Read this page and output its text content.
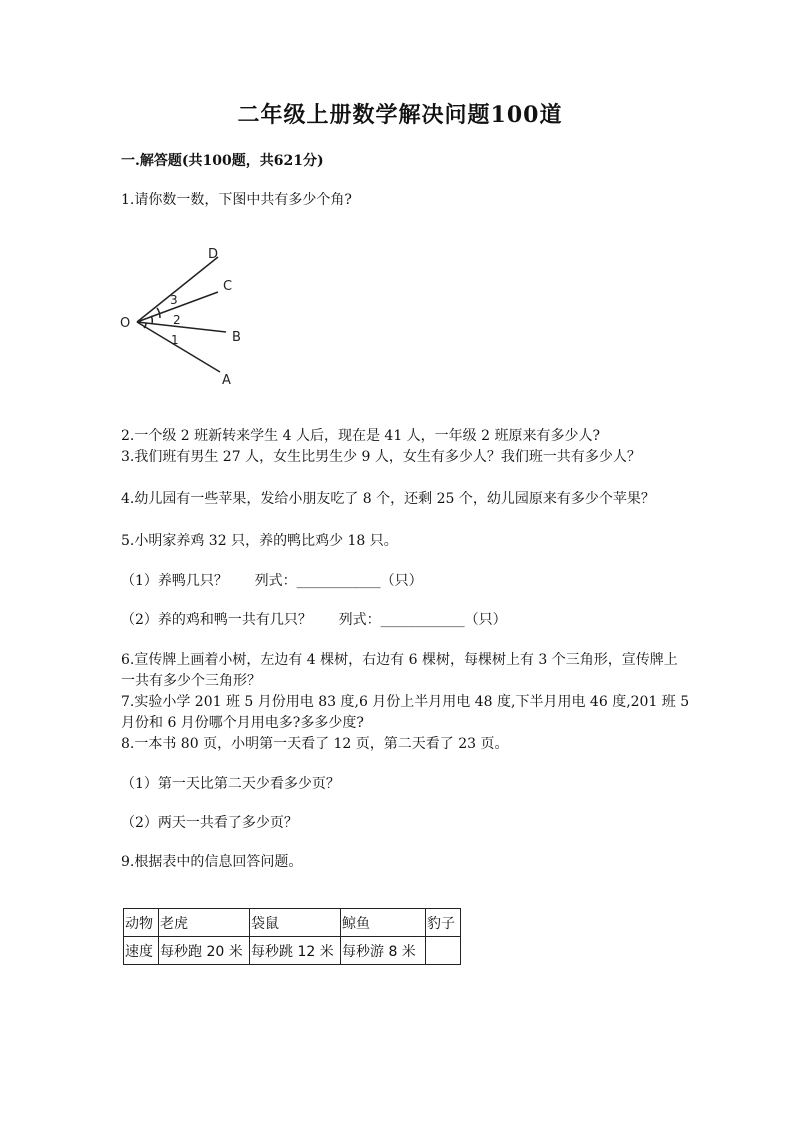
二年级上册数学解决问题100道
一.解答题(共100题，共621分)
1.请你数一数，下图中共有多少个角?
O
A
B
C
D
1
2
3
2.一个级 2 班新转来学生 4 人后，现在是 41 人，一年级 2 班原来有多少人?
3.我们班有男生 27 人，女生比男生少 9 人，女生有多少人？我们班一共有多少人？
4.幼儿园有一些苹果，发给小朋友吃了 8 个，还剩 25 个，幼儿园原来有多少个苹果？
5.小明家养鸡 32 只，养的鸭比鸡少 18 只。
（1）养鸭几只？      列式：____________（只）
（2）养的鸡和鸭一共有几只？      列式：____________（只）
6.宣传牌上画着小树，左边有 4 棵树，右边有 6 棵树，每棵树上有 3 个三角形，宣传牌上一共有多少个三角形？
7.实验小学 201 班 5 月份用电 83 度,6 月份上半月用电 48 度,下半月用电 46 度,201 班 5 月份和 6 月份哪个月用电多?多多少度?
8.一本书 80 页，小明第一天看了 12 页，第二天看了 23 页。
（1）第一天比第二天少看多少页？
（2）两天一共看了多少页？
9.根据表中的信息回答问题。
动物	老虎	袋鼠	鲸鱼	豹子
速度	每秒跑 20 米	每秒跳 12 米	每秒游 8 米	
